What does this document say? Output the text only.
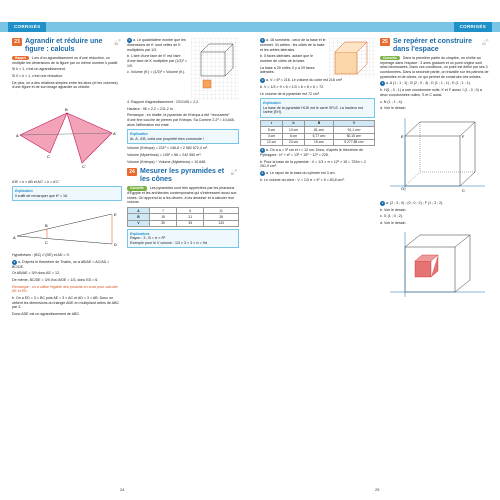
CORRIGÉS
23 Agrandir et réduire une figure : calculs
→ p. 58
Rappel Lors d'un agrandissement ou d'une réduction, on multiplie les dimensions de la figure par un même nombre k positif.
Si k > 1, c'est un agrandissement.
Si 0 < k < 1, c'est une réduction.
De plus, on a des relations simples entre les aires (et les volumes) d'une figure et de son image agrandie ou réduite.
A
B
C
A'
C'
A'B' = k × AB et AC' = k × A'C'
Explication
Il suffit de remarquer que k² = 16.
A
B
C
E
D
Hypothèses : (BC) // (DE) et AD = 9.
2 a. D'après le théorème de Thalès, on a AB/AE = AC/AD = BC/DE.
Or AB/AE = 3/9 donc AE = 12.
De même, BC/DE = 3/9 d'où 8/DE = 1/3, donc ED = 6.
Remarque : on a utilisé l'égalité des produits en croix pour calculer AE et ED.
b. On a ED = 3 × BC puis AE = 3 × AC et AD = 3 × AB. Donc on obtient les dimensions du triangle ADE en multipliant celles de ABC par 3.
Donc ADE est un agrandissement de ABC.
3 a. Le quadrilatère montre que les dimensions de K' sont celles de K multipliées par 1/3.
b. L'aire d'une face de K' est l'aire d'une face de K multipliée par (1/3)² = 1/9.
c. Volume (K') = (1/3)³ × Volume (K).
4. Rapport d'agrandissement : 231/105 = 2,2.
Hauteur : 96 × 2,2 = 211,2 m.
Remarque : en réalité, la pyramide de Khéops a été "recouverte" d'une fine couche de pierres par Khéops. Sa Comme 2,2³ = 10,648, alors l'affirmation est vraie.
Explication
At. A', A'B, voilà une propriété bien commode !
Volume (Khéops) = 231³ × 146,8 ≈ 2 582 672,4 m³.
Volume (Mykérinos) = 105² × 66 = 242 550 m³.
Volume (Khéops) ÷ Volume (Mykérinos) ≈ 10,648.
24 Mesurer les pyramides et les cônes
→ p. 60
Conseils Les pyramides sont très appréciées par les pharaons d'Égypte et les architectes contemporains qui s'intéressent aussi aux cônes. On apprend ici à les décrire, à les dessiner et à calculer leur volume.
A	7	5	11
B	15	21	28
V	35	35	143
Explications
Rayon : 3 ; B = π × R²
Exemple pour le V volume : 1/3 × 3 × 3 × π = 9π
24
CORRIGÉS
2 a. 18 sommets : ceux de la base et le sommet. 34 arêtes : les côtés de la base et les arêtes latérales.
b. 5 faces latérales, autant que le nombre de côtés de la base.
La base a 29 côtés. Il y a 29 faces latérales.
3 a. V = 6³ = 216. Le volume du cube est 216 cm³.
b. V = 1/3 × 9 × 6 = 1/3 × 6 × 6 × 6 = 72.
Le volume de la pyramide est 72 cm³.
Explication
La base de la pyramide HIJK est le carré SFLE. La hauteur est l'arête [EH].
r	h	B	V
5 cm	10 cm	81 cm²	91,1 cm³
3 cm	6 cm	6,77 cm²	50,15 cm³
12 cm	24 cm	15 cm²	5 277,88 cm³
5 a. On a a = 3² cm et r = 12 cm. Donc, d'après le théorème de Pythagore : h² + a² = 13² + 15² − 12² = 225.
b. Pour la base de la pyramide : V = 1/3 × π × 12² × 15 = 720π ≈ 2 261,9 cm³.
6 a. Le rayon de la base du cylindre est 3 cm.
b. Le volume du cône : V = 1/3 π × 4² × 5 ≈ 83,8 cm³.
25 Se repérer et construire dans l'espace
→ p. 62
Conseils Dans la première partie du chapitre, on s'initie au repérage dans l'espace : 3 axes gradués et un point origine sont ainsi nécessaires. Dans ces conditions, un point est défini par ses 3 coordonnées. Dans la seconde partie, on travaille sur les patrons de pyramides et de cônes, ce qui permet de construire ces solides.
1 a. A (1 ; 1 ; 1) ; B (2 ; 0 ; 4) ; D (1 ; 1 ; 1) ; E (1 ; 1 ; 1).
b. H(1 ; 0 ; 1) a une coordonnée nulle, K et F aussi. I (1 ; 0 ; 0) a deux coordonnées nulles, S et C aussi.
c. N (1 ; 1 ; 4).
d. Voir le dessin.
E	F
O	C
2 a. (2 ; 3 ; 0) ; (0 ; 0 ; 2) ; F (1 ; 3 ; 2).
b. Voir le dessin.
c. G (1 ; 0 ; 2).
d. Voir le dessin.
25
